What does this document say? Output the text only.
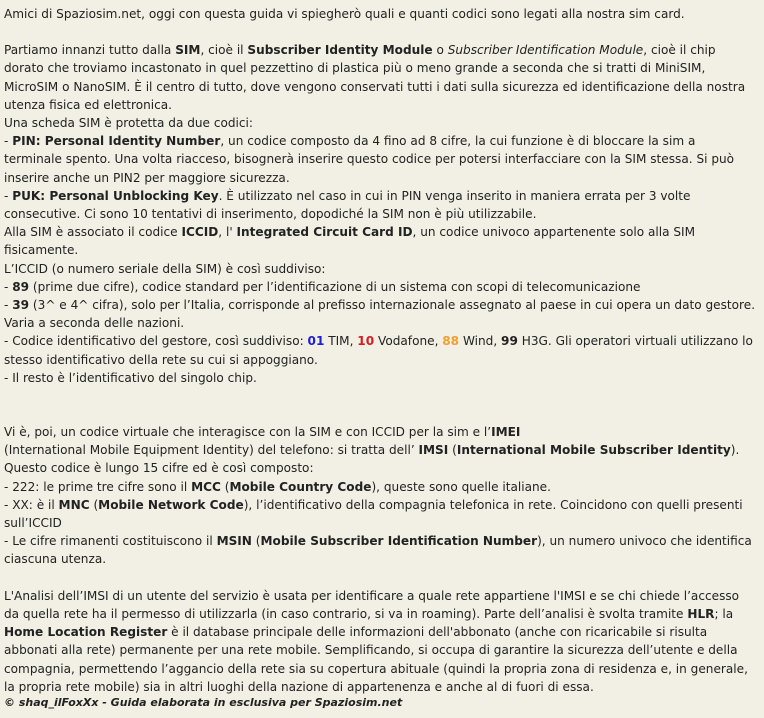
Amici di Spaziosim.net, oggi con questa guida vi spiegherò quali e quanti codici sono legati alla nostra sim card.

Partiamo innanzi tutto dalla SIM, cioè il Subscriber Identity Module o Subscriber Identification Module, cioè il chip dorato che troviamo incastonato in quel pezzettino di plastica più o meno grande a seconda che si tratti di MiniSIM, MicroSIM o NanoSIM. È il centro di tutto, dove vengono conservati tutti i dati sulla sicurezza ed identificazione della nostra utenza fisica ed elettronica.

Una scheda SIM è protetta da due codici:

- PIN: Personal Identity Number, un codice composto da 4 fino ad 8 cifre, la cui funzione è di bloccare la sim a terminale spento. Una volta riacceso, bisognerà inserire questo codice per potersi interfacciare con la SIM stessa. Si può inserire anche un PIN2 per maggiore sicurezza.

- PUK: Personal Unblocking Key. È utilizzato nel caso in cui in PIN venga inserito in maniera errata per 3 volte consecutive. Ci sono 10 tentativi di inserimento, dopodiché la SIM non è più utilizzabile.

Alla SIM è associato il codice ICCID, l' Integrated Circuit Card ID, un codice univoco appartenente solo alla SIM fisicamente.

L’ICCID (o numero seriale della SIM) è così suddiviso:

- 89 (prime due cifre), codice standard per l’identificazione di un sistema con scopi di telecomunicazione

- 39 (3^ e 4^ cifra), solo per l’Italia, corrisponde al prefisso internazionale assegnato al paese in cui opera un dato gestore.

Varia a seconda delle nazioni.

- Codice identificativo del gestore, così suddiviso: 01 TIM, 10 Vodafone, 88 Wind, 99 H3G. Gli operatori virtuali utilizzano lo stesso identificativo della rete su cui si appoggiano.

- Il resto è l’identificativo del singolo chip.

Vi è, poi, un codice virtuale che interagisce con la SIM e con ICCID per la sim e l’IMEI
(International Mobile Equipment Identity) del telefono: si tratta dell’ IMSI (International Mobile Subscriber Identity). Questo codice è lungo 15 cifre ed è così composto:

- 222: le prime tre cifre sono il MCC (Mobile Country Code), queste sono quelle italiane.

- XX: è il MNC (Mobile Network Code), l’identificativo della compagnia telefonica in rete. Coincidono con quelli presenti sull’ICCID

- Le cifre rimanenti costituiscono il MSIN (Mobile Subscriber Identification Number), un numero univoco che identifica ciascuna utenza.

L'Analisi dell’IMSI di un utente del servizio è usata per identificare a quale rete appartiene l'IMSI e se chi chiede l’accesso da quella rete ha il permesso di utilizzarla (in caso contrario, si va in roaming). Parte dell’analisi è svolta tramite HLR; la Home Location Register è il database principale delle informazioni dell'abbonato (anche con ricaricabile si risulta abbonati alla rete) permanente per una rete mobile. Semplificando, si occupa di garantire la sicurezza dell’utente e della compagnia, permettendo l’aggancio della rete sia su copertura abituale (quindi la propria zona di residenza e, in generale, la propria rete mobile) sia in altri luoghi della nazione di appartenenza e anche al di fuori di essa.

© shaq_ilFoxXx - Guida elaborata in esclusiva per Spaziosim.net
